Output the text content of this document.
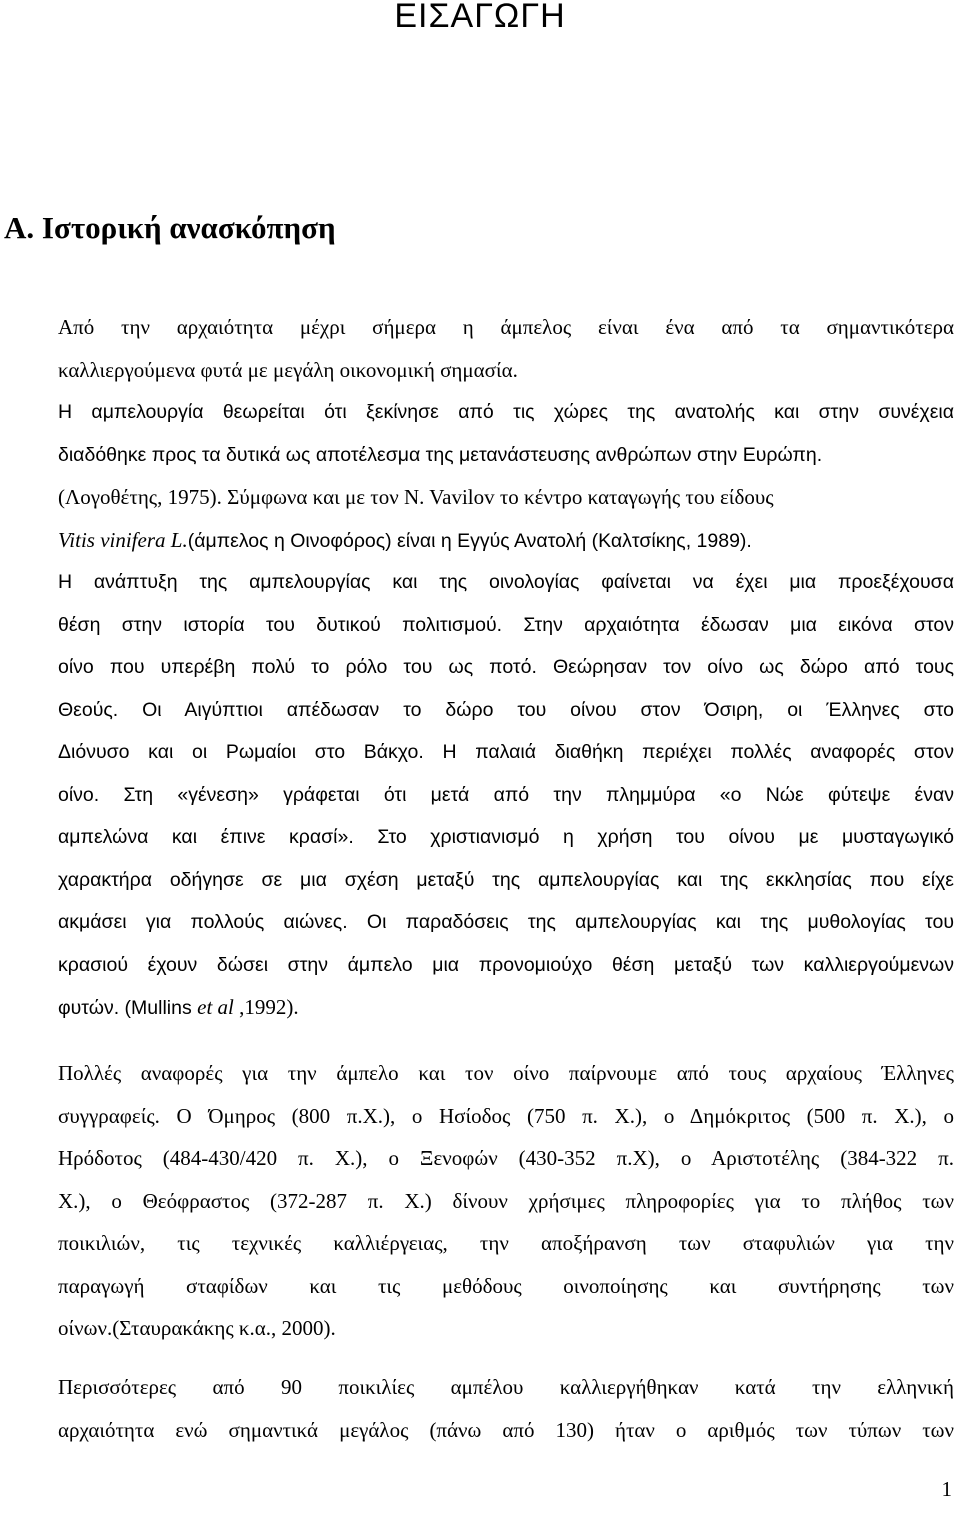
ΕΙΣΑΓΩΓΗ
Α. Ιστορική ανασκόπηση
Από την αρχαιότητα μέχρι σήμερα η άμπελος είναι ένα από τα σημαντικότερα
καλλιεργούμενα φυτά με μεγάλη οικονομική σημασία.
Η αμπελουργία θεωρείται ότι ξεκίνησε από τις χώρες της ανατολής και στην συνέχεια
διαδόθηκε προς τα δυτικά ως αποτέλεσμα της μετανάστευσης ανθρώπων στην Ευρώπη.
(Λογοθέτης, 1975). Σύμφωνα και με τον N. Vavilov το κέντρο καταγωγής του είδους
Vitis vinifera L.(άμπελος η Οινοφόρος) είναι η Εγγύς Ανατολή (Καλτσίκης, 1989).
Η ανάπτυξη της αμπελουργίας και της οινολογίας φαίνεται να έχει μια προεξέχουσα
θέση στην ιστορία του δυτικού πολιτισμού. Στην αρχαιότητα έδωσαν μια εικόνα στον
οίνο που υπερέβη πολύ το ρόλο του ως ποτό. Θεώρησαν τον οίνο ως δώρο από τους
Θεούς. Οι Αιγύπτιοι απέδωσαν το δώρο του οίνου στον Όσιρη, οι Έλληνες στο
Διόνυσο και οι Ρωμαίοι στο Βάκχο. Η παλαιά διαθήκη περιέχει πολλές αναφορές στον
οίνο. Στη «γένεση» γράφεται ότι μετά από την πλημμύρα «ο Νώε φύτεψε έναν
αμπελώνα και έπινε κρασί». Στο χριστιανισμό η χρήση του οίνου με μυσταγωγικό
χαρακτήρα οδήγησε σε μια σχέση μεταξύ της αμπελουργίας και της εκκλησίας που είχε
ακμάσει για πολλούς αιώνες. Οι παραδόσεις της αμπελουργίας και της μυθολογίας του
κρασιού έχουν δώσει στην άμπελο μια προνομιούχο θέση μεταξύ των καλλιεργούμενων
φυτών. (Mullins et al ,1992).
Πολλές αναφορές για την άμπελο και τον οίνο παίρνουμε από τους αρχαίους Έλληνες
συγγραφείς. Ο Όμηρος (800 π.Χ.), ο Ησίοδος (750 π. Χ.), ο Δημόκριτος (500 π. Χ.), ο
Ηρόδοτος (484-430/420 π. Χ.), ο Ξενοφών (430-352 π.Χ), ο Αριστοτέλης (384-322 π.
Χ.), ο Θεόφραστος (372-287 π. Χ.) δίνουν χρήσιμες πληροφορίες για το πλήθος των
ποικιλιών, τις τεχνικές καλλιέργειας, την αποξήρανση των σταφυλιών για την
παραγωγή σταφίδων και τις μεθόδους οινοποίησης και συντήρησης των
οίνων.(Σταυρακάκης κ.α., 2000).
Περισσότερες από 90 ποικιλίες αμπέλου καλλιεργήθηκαν κατά την ελληνική
αρχαιότητα ενώ σημαντικά μεγάλος (πάνω από 130) ήταν ο αριθμός των τύπων των
1
